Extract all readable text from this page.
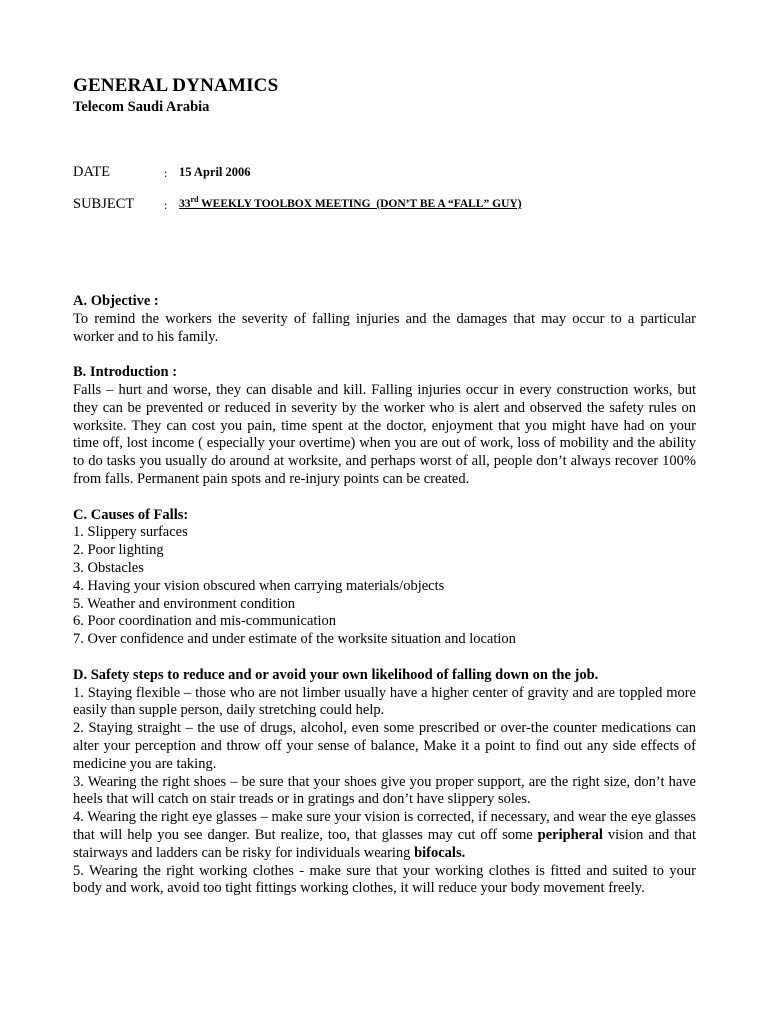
GENERAL DYNAMICS
Telecom Saudi Arabia
DATE	: 15 April 2006
SUBJECT : 33rd WEEKLY TOOLBOX MEETING  (DON’T BE A “FALL” GUY)
A. Objective :
To remind the workers the severity of falling injuries and the damages that may occur to a particular worker and to his family.
B. Introduction :
Falls – hurt and worse, they can disable and kill. Falling injuries occur in every construction works, but they can be prevented or reduced in severity by the worker who is alert and observed the safety rules on worksite. They can cost you pain, time spent at the doctor, enjoyment that you might have had on your time off, lost income ( especially your overtime) when you are out of work, loss of mobility and the ability to do tasks you usually do around at worksite, and perhaps worst of all, people don’t always recover 100% from falls. Permanent pain spots and re-injury points can be created.
C. Causes of Falls:
1. Slippery surfaces
2. Poor lighting
3. Obstacles
4. Having your vision obscured when carrying materials/objects
5. Weather and environment condition
6. Poor coordination and mis-communication
7. Over confidence and under estimate of the worksite situation and location
D. Safety steps to reduce and or avoid your own likelihood of falling down on the job.
1. Staying flexible – those who are not limber usually have a higher center of gravity and are toppled more easily than supple person, daily stretching could help.
2. Staying straight – the use of drugs, alcohol, even some prescribed or over-the counter medications can alter your perception and throw off your sense of balance, Make it a point to find out any side effects of medicine you are taking.
3. Wearing the right shoes – be sure that your shoes give you proper support, are the right size, don’t have heels that will catch on stair treads or in gratings and don’t have slippery soles.
4. Wearing the right eye glasses – make sure your vision is corrected, if necessary, and wear the eye glasses that will help you see danger. But realize, too, that glasses may cut off some peripheral vision and that stairways and ladders can be risky for individuals wearing bifocals.
5. Wearing the right working clothes - make sure that your working clothes is fitted and suited to your body and work, avoid too tight fittings working clothes, it will reduce your body movement freely.
